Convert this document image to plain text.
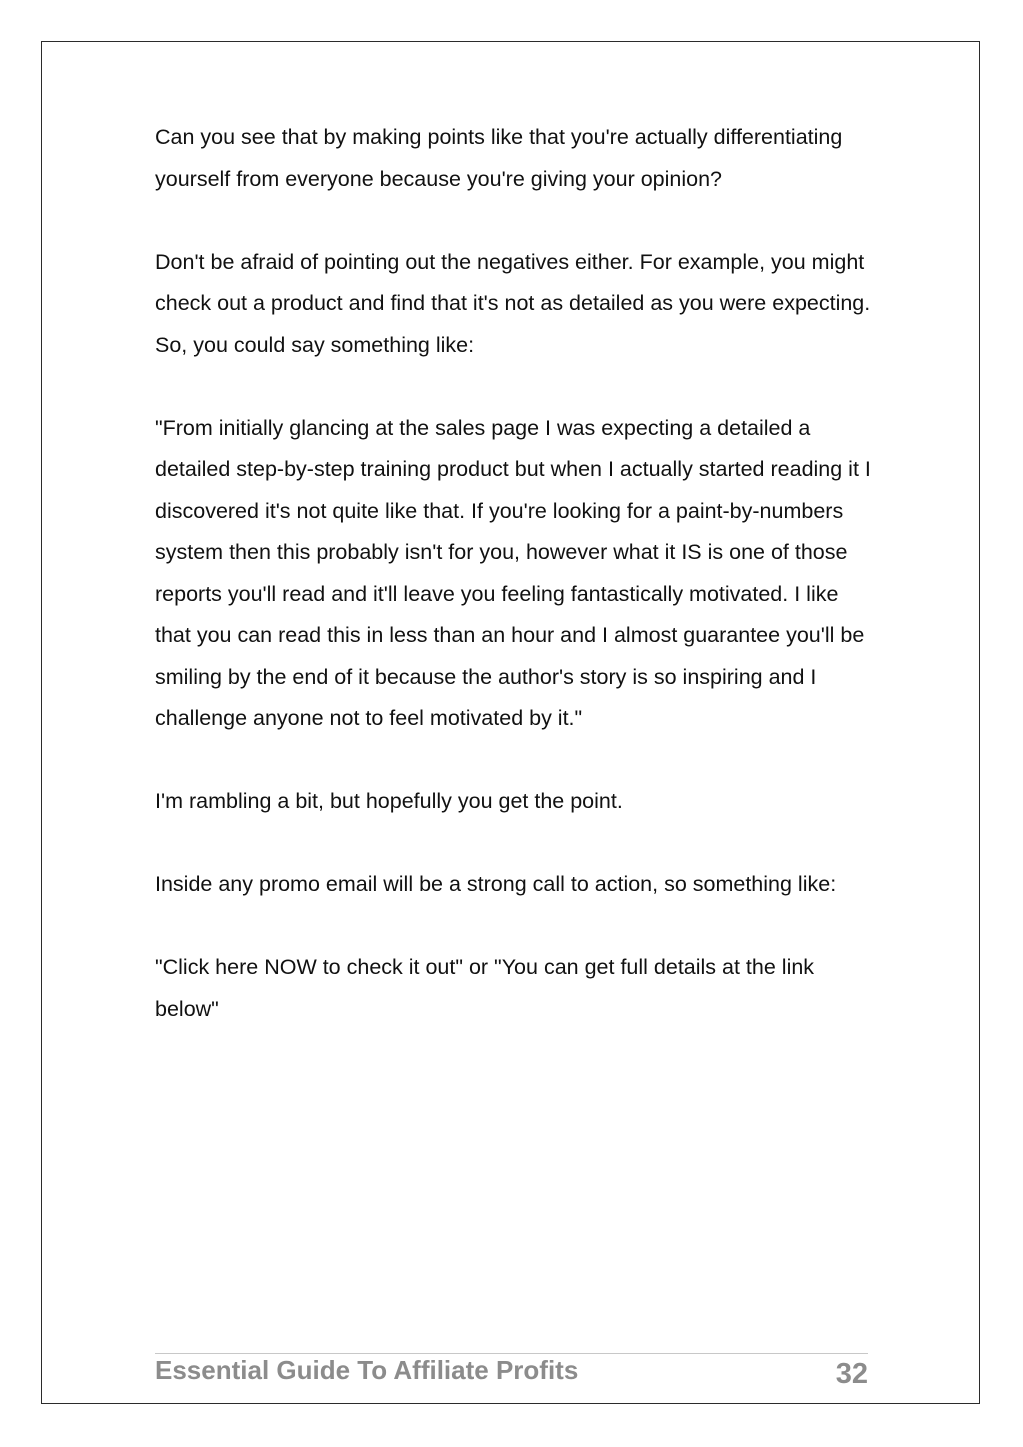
Can you see that by making points like that you're actually differentiating yourself from everyone because you're giving your opinion?

Don't be afraid of pointing out the negatives either. For example, you might check out a product and find that it's not as detailed as you were expecting. So, you could say something like:

"From initially glancing at the sales page I was expecting a detailed a detailed step-by-step training product but when I actually started reading it I discovered it's not quite like that. If you're looking for a paint-by-numbers system then this probably isn't for you, however what it IS is one of those reports you'll read and it'll leave you feeling fantastically motivated. I like that you can read this in less than an hour and I almost guarantee you'll be smiling by the end of it because the author's story is so inspiring and I challenge anyone not to feel motivated by it."

I'm rambling a bit, but hopefully you get the point.

Inside any promo email will be a strong call to action, so something like:

"Click here NOW to check it out" or "You can get full details at the link below"

Essential Guide To Affiliate Profits	32
